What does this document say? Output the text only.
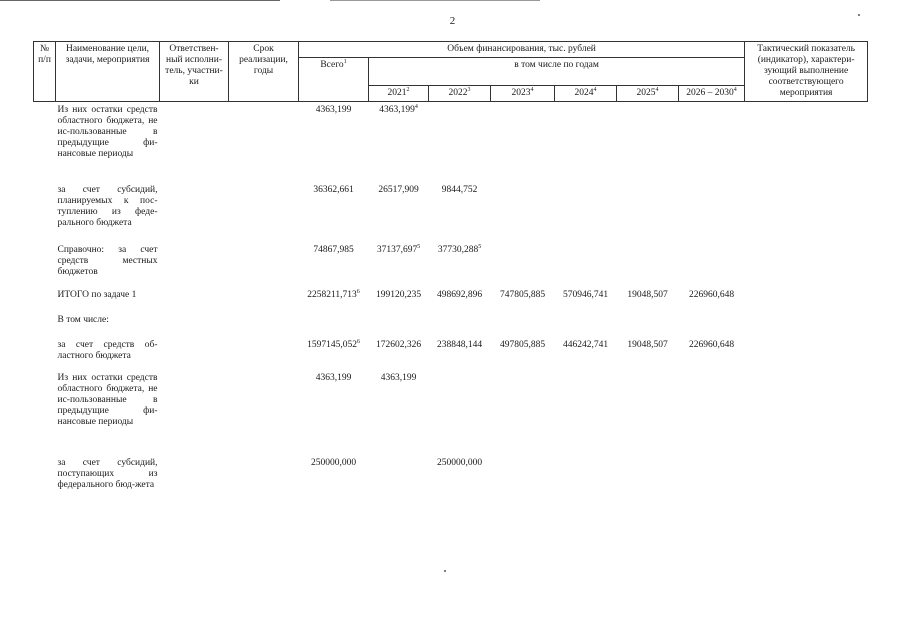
2
№ п/п	Наименование цели, задачи, мероприятия	Ответствен-ный исполни-тель, участни-ки	Срок реализации, годы	Объем финансирования, тыс. рублей							Тактический показатель (индикатор), характери-зующий выполнение соответствующего мероприятия
				Всего$^1$	в том числе по годам						
					2021$^2$	2022$^3$	2023$^4$	2024$^4$	2025$^4$	2026 – 2030$^4$
	Из них остатки средств областного бюджета, не ис-пользованные в предыдущие фи-нансовые периоды			4363,199	4363,199$^4$						
	за счет субсидий, планируемых к пос-туплению из феде-рального бюджета			36362,661	26517,909	9844,752					
	Справочно: за счет средств местных бюджетов			74867,985	37137,697$^5$	37730,288$^5$					
	ИТОГО по задаче 1			2258211,713$^6$	199120,235	498692,896	747805,885	570946,741	19048,507	226960,648	
	В том числе:										
	за счет средств об-ластного бюджета			1597145,052$^6$	172602,326	238848,144	497805,885	446242,741	19048,507	226960,648	
	Из них остатки средств областного бюджета, не ис-пользованные в предыдущие фи-нансовые периоды			4363,199	4363,199						
	за счет субсидий, поступающих из федерального бюд-жета			250000,000		250000,000					
